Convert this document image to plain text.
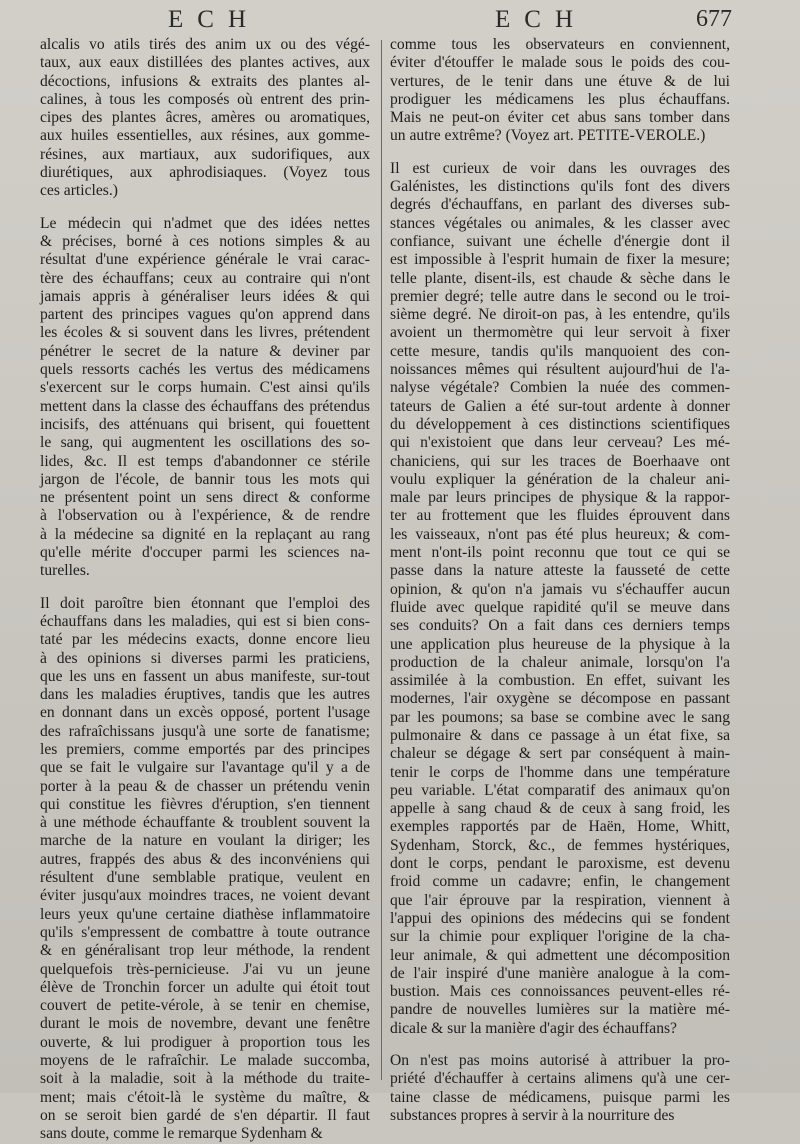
ECH	ECH	677
alcalis vo atils tirés des anim ux ou des végé-
taux, aux eaux distillées des plantes actives, aux
décoctions, infusions & extraits des plantes al-
calines, à tous les composés où entrent des prin-
cipes des plantes âcres, amères ou aromatiques,
aux huiles essentielles, aux résines, aux gomme-
résines, aux martiaux, aux sudorifiques, aux
diurétiques, aux aphrodisiaques. (Voyez tous
ces articles.)
Le médecin qui n'admet que des idées nettes
& précises, borné à ces notions simples & au
résultat d'une expérience générale le vrai carac-
tère des échauffans; ceux au contraire qui n'ont
jamais appris à généraliser leurs idées & qui
partent des principes vagues qu'on apprend dans
les écoles & si souvent dans les livres, prétendent
pénétrer le secret de la nature & deviner par
quels ressorts cachés les vertus des médicamens
s'exercent sur le corps humain. C'est ainsi qu'ils
mettent dans la classe des échauffans des prétendus
incisifs, des atténuans qui brisent, qui fouettent
le sang, qui augmentent les oscillations des so-
lides, &c. Il est temps d'abandonner ce stérile
jargon de l'école, de bannir tous les mots qui
ne présentent point un sens direct & conforme
à l'observation ou à l'expérience, & de rendre
à la médecine sa dignité en la replaçant au rang
qu'elle mérite d'occuper parmi les sciences na-
turelles.
Il doit paroître bien étonnant que l'emploi des
échauffans dans les maladies, qui est si bien cons-
taté par les médecins exacts, donne encore lieu
à des opinions si diverses parmi les praticiens,
que les uns en fassent un abus manifeste, sur-tout
dans les maladies éruptives, tandis que les autres
en donnant dans un excès opposé, portent l'usage
des rafraîchissans jusqu'à une sorte de fanatisme;
les premiers, comme emportés par des principes
que se fait le vulgaire sur l'avantage qu'il y a de
porter à la peau & de chasser un prétendu venin
qui constitue les fièvres d'éruption, s'en tiennent
à une méthode échauffante & troublent souvent la
marche de la nature en voulant la diriger; les
autres, frappés des abus & des inconvéniens qui
résultent d'une semblable pratique, veulent en
éviter jusqu'aux moindres traces, ne voient devant
leurs yeux qu'une certaine diathèse inflammatoire
qu'ils s'empressent de combattre à toute outrance
& en généralisant trop leur méthode, la rendent
quelquefois très-pernicieuse. J'ai vu un jeune
élève de Tronchin forcer un adulte qui étoit tout
couvert de petite-vérole, à se tenir en chemise,
durant le mois de novembre, devant une fenêtre
ouverte, & lui prodiguer à proportion tous les
moyens de le rafraîchir. Le malade succomba,
soit à la maladie, soit à la méthode du traite-
ment; mais c'étoit-là le système du maître, &
on se seroit bien gardé de s'en départir. Il faut
sans doute, comme le remarque Sydenham &
comme tous les observateurs en conviennent,
éviter d'étouffer le malade sous le poids des cou-
vertures, de le tenir dans une étuve & de lui
prodiguer les médicamens les plus échauffans.
Mais ne peut-on éviter cet abus sans tomber dans
un autre extrême? (Voyez art. PETITE-VEROLE.)
Il est curieux de voir dans les ouvrages des
Galénistes, les distinctions qu'ils font des divers
degrés d'échauffans, en parlant des diverses sub-
stances végétales ou animales, & les classer avec
confiance, suivant une échelle d'énergie dont il
est impossible à l'esprit humain de fixer la mesure;
telle plante, disent-ils, est chaude & sèche dans le
premier degré; telle autre dans le second ou le troi-
sième degré. Ne diroit-on pas, à les entendre, qu'ils
avoient un thermomètre qui leur servoit à fixer
cette mesure, tandis qu'ils manquoient des con-
noissances mêmes qui résultent aujourd'hui de l'a-
nalyse végétale? Combien la nuée des commen-
tateurs de Galien a été sur-tout ardente à donner
du développement à ces distinctions scientifiques
qui n'existoient que dans leur cerveau? Les mé-
chaniciens, qui sur les traces de Boerhaave ont
voulu expliquer la génération de la chaleur ani-
male par leurs principes de physique & la rappor-
ter au frottement que les fluides éprouvent dans
les vaisseaux, n'ont pas été plus heureux; & com-
ment n'ont-ils point reconnu que tout ce qui se
passe dans la nature atteste la fausseté de cette
opinion, & qu'on n'a jamais vu s'échauffer aucun
fluide avec quelque rapidité qu'il se meuve dans
ses conduits? On a fait dans ces derniers temps
une application plus heureuse de la physique à la
production de la chaleur animale, lorsqu'on l'a
assimilée à la combustion. En effet, suivant les
modernes, l'air oxygène se décompose en passant
par les poumons; sa base se combine avec le sang
pulmonaire & dans ce passage à un état fixe, sa
chaleur se dégage & sert par conséquent à main-
tenir le corps de l'homme dans une température
peu variable. L'état comparatif des animaux qu'on
appelle à sang chaud & de ceux à sang froid, les
exemples rapportés par de Haën, Home, Whitt,
Sydenham, Storck, &c., de femmes hystériques,
dont le corps, pendant le paroxisme, est devenu
froid comme un cadavre; enfin, le changement
que l'air éprouve par la respiration, viennent à
l'appui des opinions des médecins qui se fondent
sur la chimie pour expliquer l'origine de la cha-
leur animale, & qui admettent une décomposition
de l'air inspiré d'une manière analogue à la com-
bustion. Mais ces connoissances peuvent-elles ré-
pandre de nouvelles lumières sur la matière mé-
dicale & sur la manière d'agir des échauffans?
On n'est pas moins autorisé à attribuer la pro-
priété d'échauffer à certains alimens qu'à une cer-
taine classe de médicamens, puisque parmi les
substances propres à servir à la nourriture des
